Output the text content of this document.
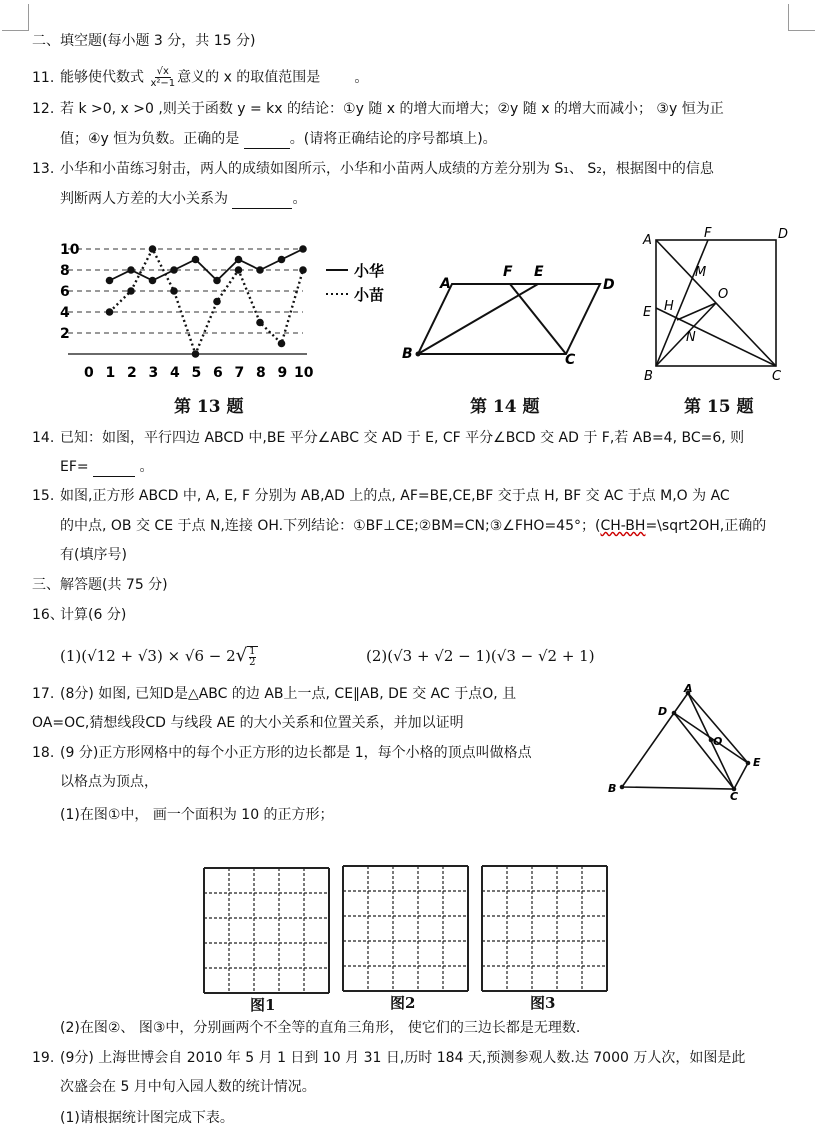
二、填空题(每小题 3 分，共 15 分)
11. 能够使代数式 $\frac{√x}{\text{x²−1}}$ 意义的 x 的取值范围是 。
12. 若 k >0, x >0 ,则关于函数 y = kx 的结论：①y 随 x 的增大而增大；②y 随 x 的增大而减小； ③y 恒为正
值；④y 恒为负数。正确的是	。(请将正确结论的序号都填上)。
13. 小华和小苗练习射击，两人的成绩如图所示，小华和小苗两人成绩的方差分别为 S₁、 S₂，根据图中的信息
判断两人方差的大小关系为	。
2
4
6
8
10
0 1 2 3 4 5 6 7 8 9 10
小华
小苗
第 13 题
A
F E
D
B	C
第 14 题
A	F	D
M
O
E H
N
B	C
第 15 题
14. 已知：如图，平行四边 ABCD 中,BE 平分∠ABC 交 AD 于 E, CF 平分∠BCD 交 AD 于 F,若 AB=4, BC=6, 则
EF=	。
15. 如图,正方形 ABCD 中, A, E, F 分别为 AB,AD 上的点, AF=BE,CE,BF 交于点 H, BF 交 AC 于点 M,O 为 AC
的中点, OB 交 CE 于点 N,连接 OH.下列结论：①BF⊥CE;②BM=CN;③∠FHO=45°；(CH-BH=\sqrt2OH,正确的
有(填序号)
三、解答题(共 75 分)
16、计算(6 分)
$(1)(√12 + √3) \times √6 - 2√ \frac{1}{2}$	(2)(√3 + √2 − 1)(√3 − √2 + 1)
17. (8分) 如图, 已知D是△ABC 的边 AB上一点, CE∥AB, DE 交 AC 于点O, 且
OA=OC,猜想线段CD 与线段 AE 的大小关系和位置关系，并加以证明
A
D
O
E
B
C
18. (9 分)正方形网格中的每个小正方形的边长都是 1，每个小格的顶点叫做格点
以格点为顶点，
(1)在图①中， 画一个面积为 10 的正方形；
图1	图2	图3
(2)在图②、 图③中，分别画两个不全等的直角三角形， 使它们的三边长都是无理数.
19. (9分) 上海世博会自 2010 年 5 月 1 日到 10 月 31 日,历时 184 天,预测参观人数.达 7000 万人次，如图是此
次盛会在 5 月中旬入园人数的统计情况。
(1)请根据统计图完成下表。
